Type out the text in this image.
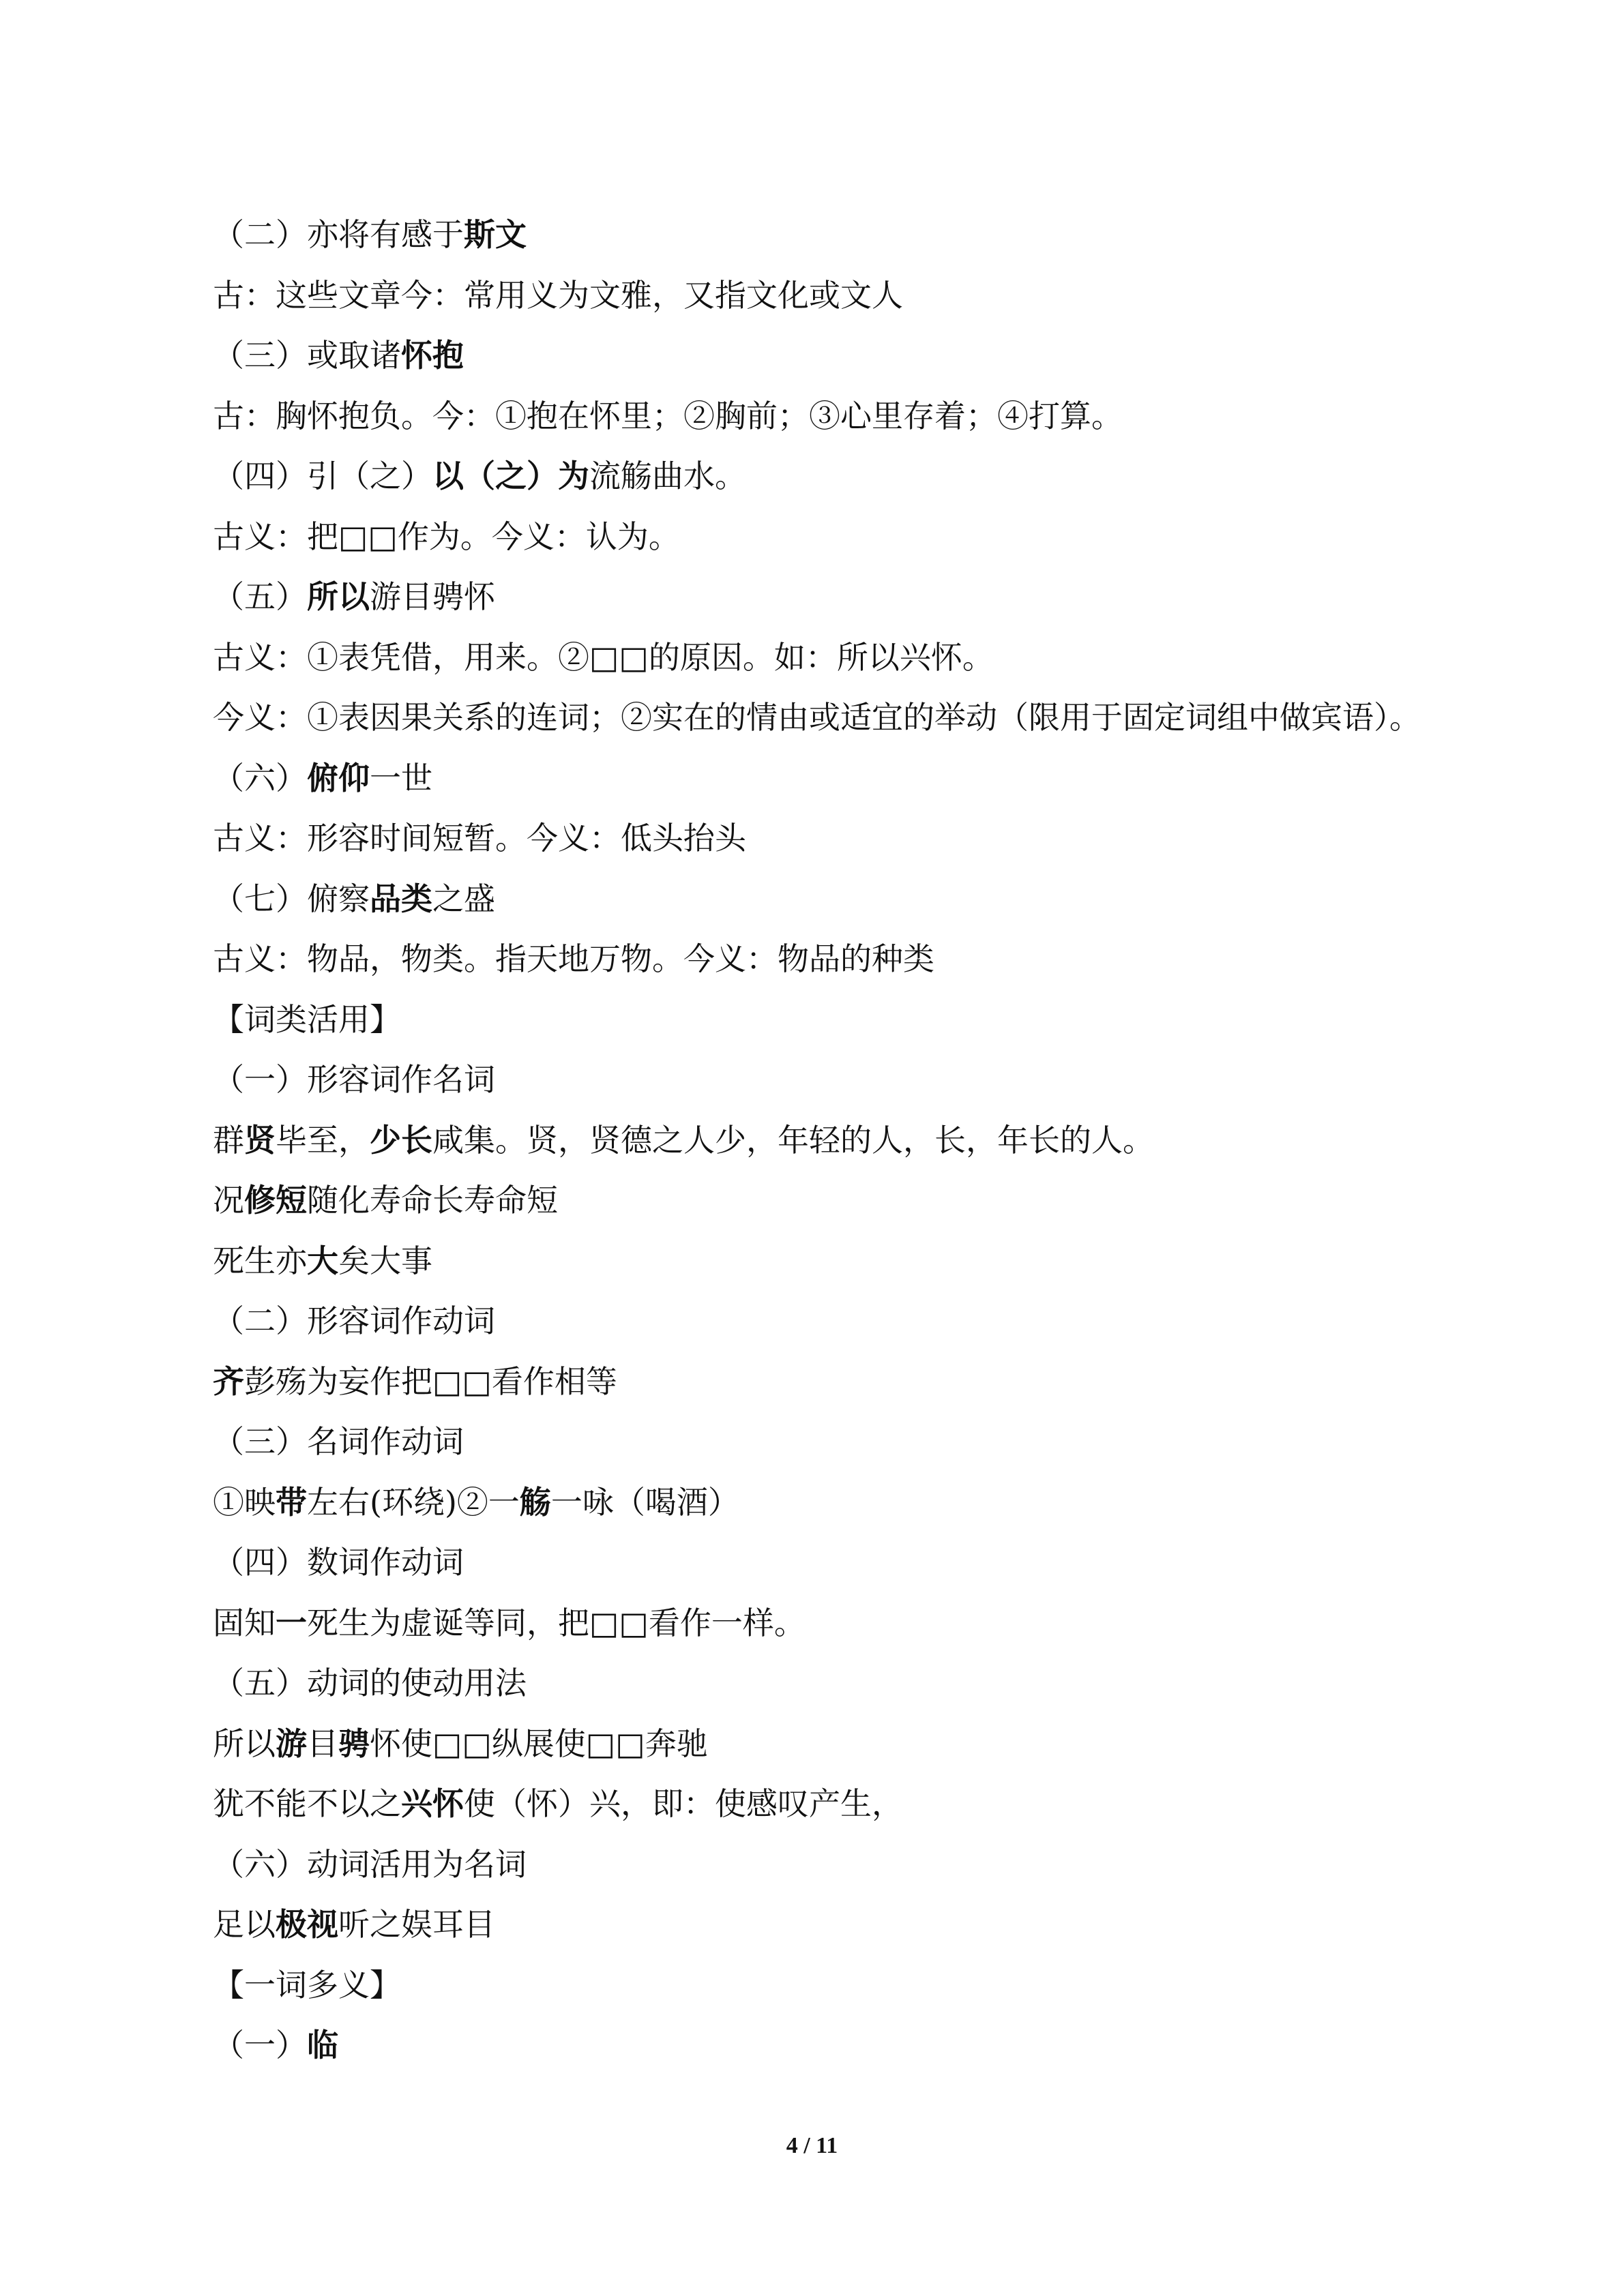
（二）亦将有感于斯文
古：这些文章今：常用义为文雅，又指文化或文人
（三）或取诸怀抱
古：胸怀抱负。今：①抱在怀里；②胸前；③心里存着；④打算。
（四）引（之）以（之）为流觞曲水。
古义：把□□作为。今义：认为。
（五）所以游目骋怀
古义：①表凭借，用来。②□□的原因。如：所以兴怀。
今义：①表因果关系的连词；②实在的情由或适宜的举动（限用于固定词组中做宾语）。
（六）俯仰一世
古义：形容时间短暂。今义：低头抬头
（七）俯察品类之盛
古义：物品，物类。指天地万物。今义：物品的种类
【词类活用】
（一）形容词作名词
群贤毕至，少长咸集。贤，贤德之人少，年轻的人，长，年长的人。
况修短随化寿命长寿命短
死生亦大矣大事
（二）形容词作动词
齐彭殇为妄作把□□看作相等
（三）名词作动词
①映带左右(环绕)②一觞一咏（喝酒）
（四）数词作动词
固知一死生为虚诞等同，把□□看作一样。
（五）动词的使动用法
所以游目骋怀使□□纵展使□□奔驰
犹不能不以之兴怀使（怀）兴，即：使感叹产生，
（六）动词活用为名词
足以极视听之娱耳目
【一词多义】
（一）临
4 / 11
